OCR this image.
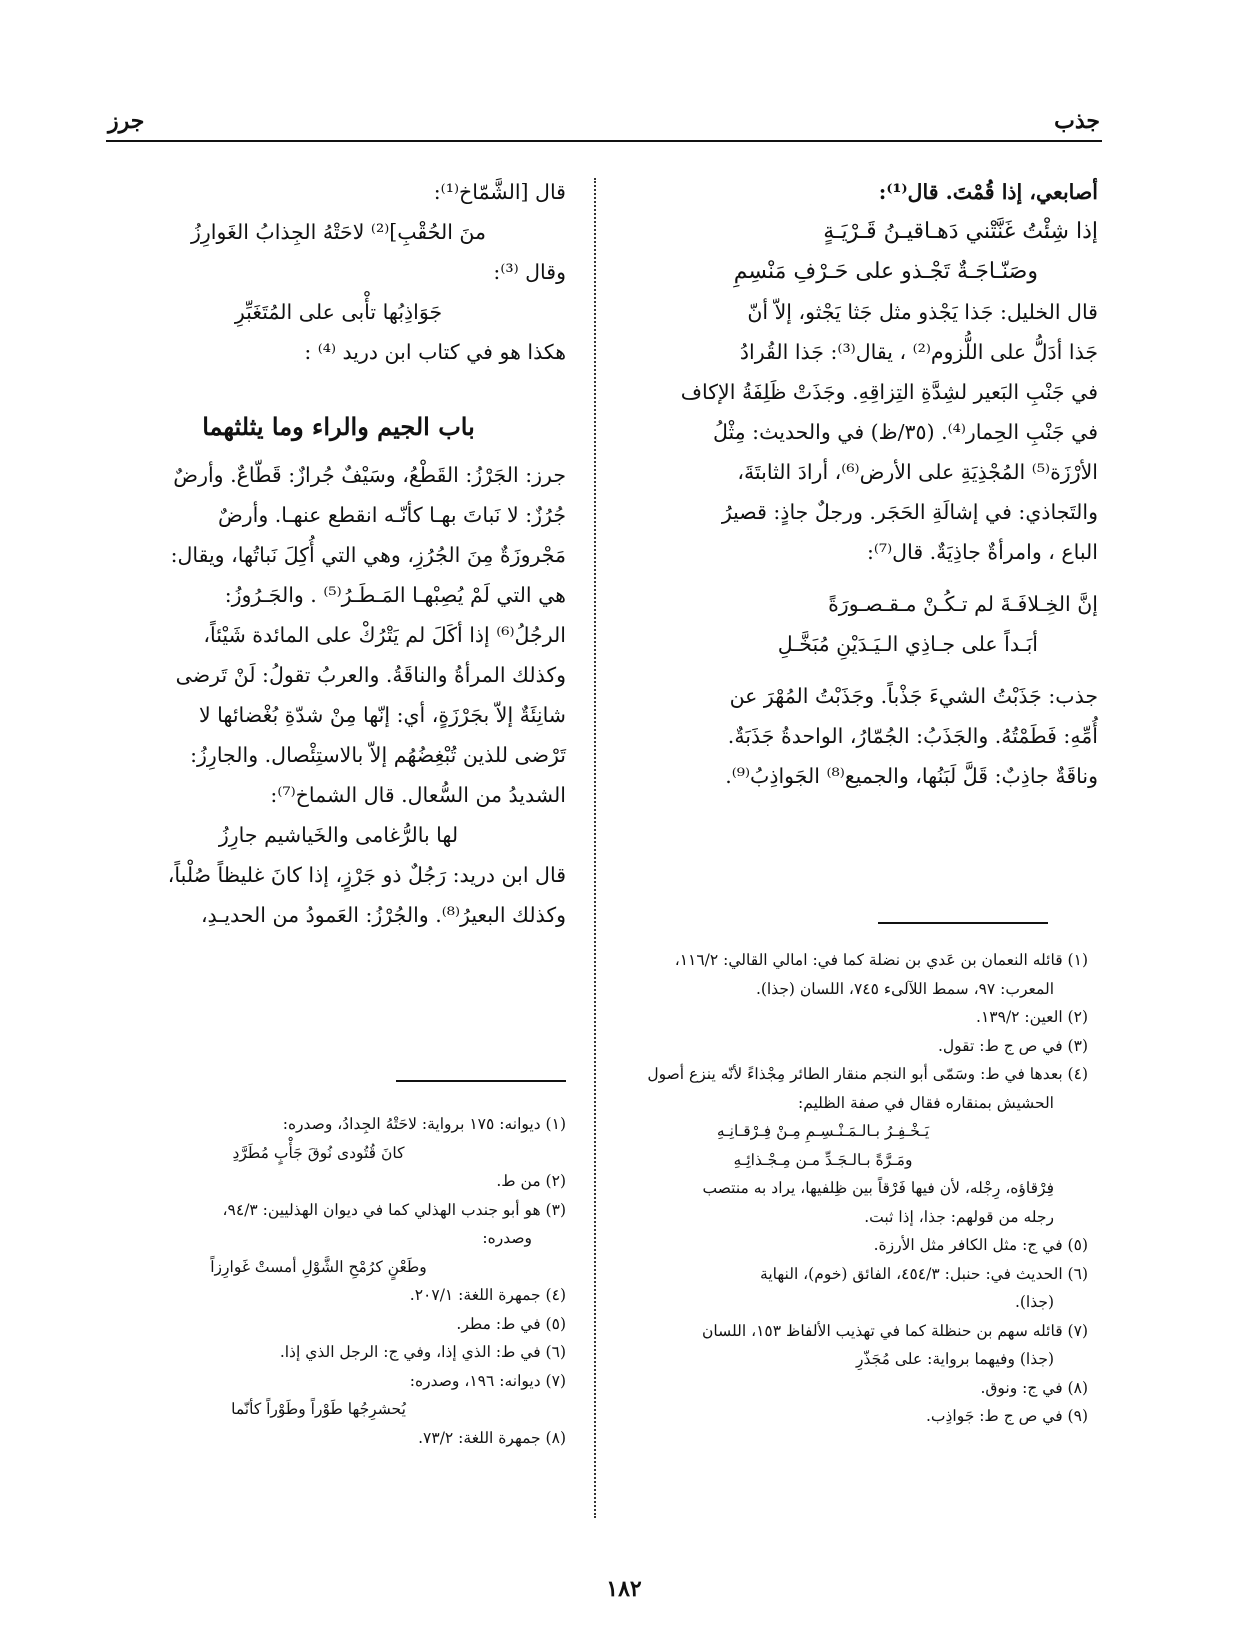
جذب
جرز

أصابعي، إذا قُمْتَ. قال⁽¹⁾:

إذا شِئْتُ غَنَّتْني دَهـاقيـنُ قَـرْيَـةٍ

وصَنّـاجَـةٌ تَجْـذو على حَـرْفِ مَنْسِمِ

قال الخليل: جَذا يَجْذو مثل جَثا يَجْثو، إلاّ أنّ

جَذا أدَلُّ على اللُّزوم⁽²⁾ ، يقال⁽³⁾: جَذا القُرادُ

في جَنْبِ البَعير لشِدَّةِ التِزاقِهِ. وجَذَتْ ظَلِفَةُ الإكاف

في جَنْبِ الحِمار⁽⁴⁾. (٣٥/ظ) في والحديث: مِثْلُ

الأرْزَة⁽⁵⁾ المُجْذِيَةِ على الأرض⁽⁶⁾، أرادَ الثابتَةَ،

والتَجاذي: في إشالَةِ الحَجَر. ورجلٌ جاذٍ: قصيرُ

الباع ، وامرأةٌ جاذِيَةٌ. قال⁽⁷⁾:

إنَّ الخِـلافَـةَ لم تـكُـنْ مـقـصـورَةً

أبَـداً على جـاذِي الـيَـدَيْنِ مُبَخَّـلِ

جذب: جَذَبْتُ الشيءَ جَذْباً. وجَذَبْتُ المُهْرَ عن

أُمِّهِ: فَطَمْتُهُ. والجَذَبُ: الجُمّارُ، الواحدةُ جَذَبَةٌ.

وناقَةٌ جاذِبٌ: قَلَّ لَبَنُها، والجميع⁽⁸⁾ الجَواذِبُ⁽⁹⁾.

قال [الشَّمّاخ⁽¹⁾:

منَ الحُقْبِ]⁽²⁾ لاحَتْهُ الجِذابُ الغَوارِزُ

وقال ⁽³⁾:

جَوَاذِبُها تأْبى على المُتَغَبِّرِ

هكذا هو في كتاب ابن دريد ⁽⁴⁾ :

باب الجيم والراء وما يثلثهما

جرز: الجَرْزُ: القَطْعُ، وسَيْفٌ جُرازٌ: قَطّاعٌ. وأرضٌ

جُرُزٌ: لا نَباتَ بهـا كأنّـه انقطع عنهـا. وأرضٌ

مَجْروزَةٌ مِنَ الجُرُزِ، وهي التي أُكِلَ نَباتُها، ويقال:

هي التي لَمْ يُصِبْهـا المَـطَـرُ⁽⁵⁾ . والجَـرُوزُ:

الرجُلُ⁽⁶⁾ إذا أكَلَ لم يَتْرُكْ على المائدة شَيْئاً،

وكذلك المرأةُ والناقَةُ. والعربُ تقولُ: لَنْ تَرضى

شانِئَةٌ إلاّ بجَرْزَةٍ، أي: إنّها مِنْ شدّةِ بُغْضائها لا

تَرْضى للذين تُبْغِضُهُم إلاّ بالاستِئْصال. والجارِزُ:

الشديدُ من السُّعال. قال الشماخ⁽⁷⁾:

لها بالرُّغامى والخَياشيم جارِزُ

قال ابن دريد: رَجُلٌ ذو جَرْزٍ، إذا كانَ غليظاً صُلْباً،

وكذلك البعيرُ⁽⁸⁾. والجُرْزُ: العَمودُ من الحديـدِ،

(١) قائله النعمان بن عَدي بن نضلة كما في: امالي القالي: ١١٦/٢،

المعرب: ٩٧، سمط اللآلىء ٧٤٥، اللسان (جذا).

(٢) العين: ١٣٩/٢.

(٣) في ص ج ط: تقول.

(٤) بعدها في ط: وسَمّى أبو النجم منقار الطائر مِجْذاءً لأنّه ينزع أصول

الحشيش بمنقاره فقال في صفة الظليم:

يَـخْـفِـرُ بـالـمَـنْـسِـمِ مِـنْ فِـرْقـانِـهِ

ومَـرَّةً بـالـجَـدِّ مـن مِـجْـذائِـهِ

فِرْقاؤه، رِجْله، لأن فيها فَرْقاً بين ظِلفيها، يراد به منتصب

رجله من قولهم: جذا، إذا ثبت.

(٥) في ج: مثل الكافر مثل الأرزة.

(٦) الحديث في: حنبل: ٤٥٤/٣، الفائق (خوم)، النهاية

(جذا).

(٧) قائله سهم بن حنظلة كما في تهذيب الألفاظ ١٥٣، اللسان

(جذا) وفيهما برواية: على مُجَذّرِ

(٨) في ج: ونوق.

(٩) في ص ج ط: جَواذِب.

(١) ديوانه: ١٧٥ برواية: لاحَتْهُ الجِدادُ، وصدره:

كانَ قُتُودى نُوقَ جَأْبٍ مُطَرَّدِ

(٢) من ط.

(٣) هو أبو جندب الهذلي كما في ديوان الهذليين: ٩٤/٣،

وصدره:

وطَعْنٍ كرُمْحِ الشَّوْلِ أمستْ غَوارِزاً

(٤) جمهرة اللغة: ٢٠٧/١.

(٥) في ط: مطر.

(٦) في ط: الذي إذا، وفي ج: الرجل الذي إذا.

(٧) ديوانه: ١٩٦، وصدره:

يُحشرِجُها طَوْراً وطَوْراً كأنّما

(٨) جمهرة اللغة: ٧٣/٢.

١٨٢
